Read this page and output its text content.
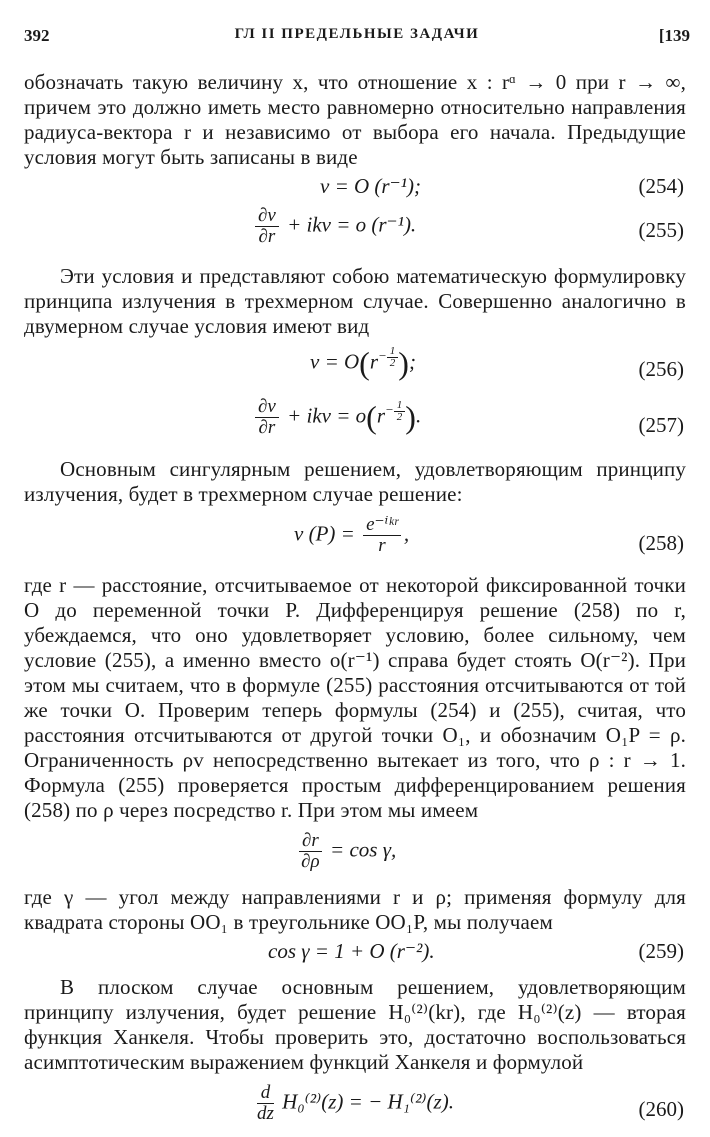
392	ГЛ II ПРЕДЕЛЬНЫЕ ЗАДАЧИ	[139

обозначать такую величину x, что отношение x : rᵅ → 0 при r → ∞, причем это должно иметь место равномерно относительно направления радиуса-вектора r и независимо от выбора его начала. Предыдущие условия могут быть записаны в виде

v = O (r⁻¹);	(254)
$\frac{\partial v}{\partial r}$ + ikv = o (r⁻¹).	(255)

Эти условия и представляют собою математическую формулировку принципа излучения в трехмерном случае. Совершенно аналогично в двумерном случае условия имеют вид

$v = O(r^{- \frac{1}{2}}$ );	(256)
$\frac{\partial v}{\partial r}$ + ikv = $o(r^{- \frac{1}{2}}$ ).	(257)

Основным сингулярным решением, удовлетворяющим принципу излучения, будет в трехмерном случае решение:

v $(P) = \frac{\text{e⁻ⁱᵏʳ}}{r}$ ,	(258)

где r — расстояние, отсчитываемое от некоторой фиксированной точки O до переменной точки P. Дифференцируя решение (258) по r, убеждаемся, что оно удовлетворяет условию, более сильному, чем условие (255), а именно вместо o(r⁻¹) справа будет стоять O(r⁻²). При этом мы считаем, что в формуле (255) расстояния отсчитываются от той же точки O. Проверим теперь формулы (254) и (255), считая, что расстояния отсчитываются от другой точки O₁, и обозначим O₁P = ρ. Ограниченность ρv непосредственно вытекает из того, что ρ : r → 1. Формула (255) проверяется простым дифференцированием решения (258) по ρ через посредство r. При этом мы имеем

$\frac{\partial r}{\partial\rho} = \cos \gamma$,

где γ — угол между направлениями r и ρ; применяя формулу для квадрата стороны OO₁ в треугольнике OO₁P, мы получаем

cos γ = 1 + O (r⁻²).	(259)

В плоском случае основным решением, удовлетворяющим принципу излучения, будет решение H₀⁽²⁾(kr), где H₀⁽²⁾(z) — вторая функция Ханкеля. Чтобы проверить это, достаточно воспользоваться асимптотическим выражением функций Ханкеля и формулой

$\frac{d}{dz} H_0^{(2)}(z)$ = − H₁⁽²⁾(z).	(260)
